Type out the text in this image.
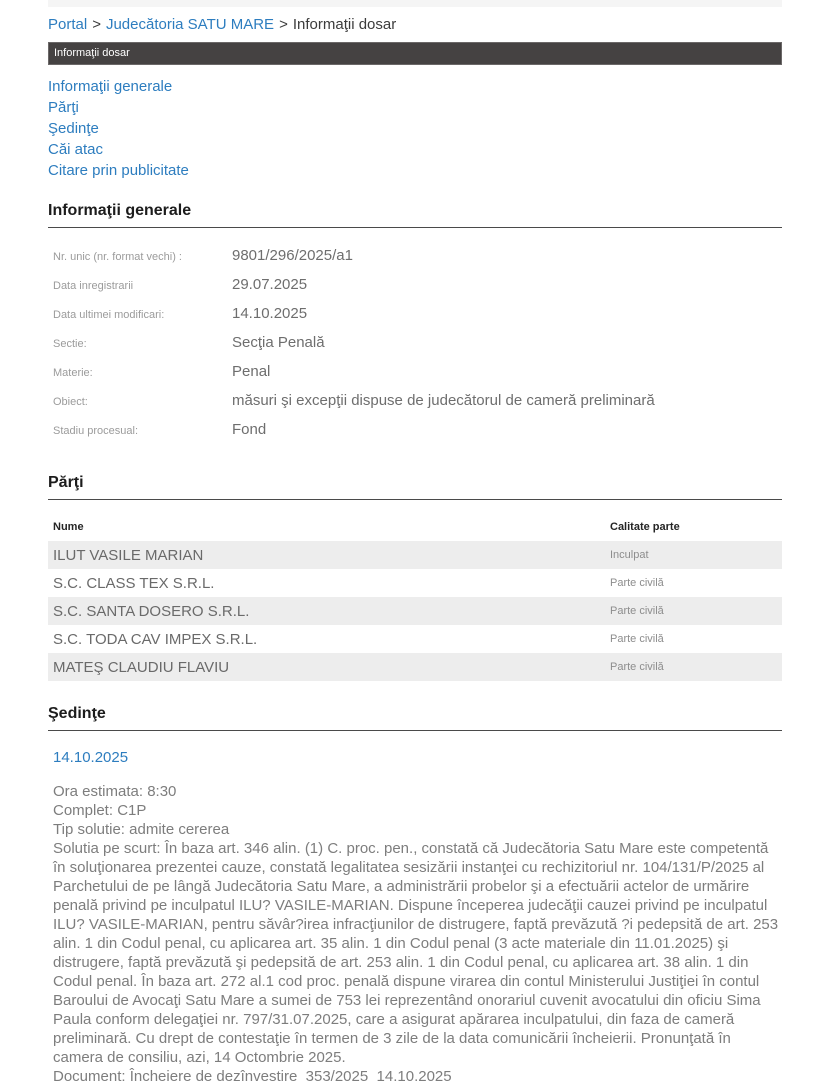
Portal > Judecătoria SATU MARE > Informaţii dosar
Informaţii dosar
Informaţii generale
Părţi
Şedinţe
Căi atac
Citare prin publicitate
Informaţii generale
Nr. unic (nr. format vechi) :	9801/296/2025/a1
Data inregistrarii	29.07.2025
Data ultimei modificari:	14.10.2025
Sectie:	Secţia Penală
Materie:	Penal
Obiect:	măsuri şi excepţii dispuse de judecătorul de cameră preliminară
Stadiu procesual:	Fond
Părţi
Nume	Calitate parte
ILUT VASILE MARIAN	Inculpat
S.C. CLASS TEX S.R.L.	Parte civilă
S.C. SANTA DOSERO S.R.L.	Parte civilă
S.C. TODA CAV IMPEX S.R.L.	Parte civilă
MATEŞ CLAUDIU FLAVIU	Parte civilă
Şedinţe
14.10.2025
Ora estimata: 8:30
Complet: C1P
Tip solutie: admite cererea
Solutia pe scurt: În baza art. 346 alin. (1) C. proc. pen., constată că Judecătoria Satu Mare este competentă în soluţionarea prezentei cauze, constată legalitatea sesizării instanţei cu rechizitoriul nr. 104/131/P/2025 al Parchetului de pe lângă Judecătoria Satu Mare, a administrării probelor şi a efectuării actelor de urmărire penală privind pe inculpatul ILU? VASILE-MARIAN. Dispune începerea judecăţii cauzei privind pe inculpatul ILU? VASILE-MARIAN, pentru săvâr?irea infracţiunilor de distrugere, faptă prevăzută ?i pedepsită de art. 253 alin. 1 din Codul penal, cu aplicarea art. 35 alin. 1 din Codul penal (3 acte materiale din 11.01.2025) şi distrugere, faptă prevăzută şi pedepsită de art. 253 alin. 1 din Codul penal, cu aplicarea art. 38 alin. 1 din Codul penal. În baza art. 272 al.1 cod proc. penală dispune virarea din contul Ministerului Justiţiei în contul Baroului de Avocaţi Satu Mare a sumei de 753 lei reprezentând onorariul cuvenit avocatului din oficiu Sima Paula conform delegaţiei nr. 797/31.07.2025, care a asigurat apărarea inculpatului, din faza de cameră preliminară. Cu drept de contestaţie în termen de 3 zile de la data comunicării încheierii. Pronunţată în camera de consiliu, azi, 14 Octombrie 2025.
Document: Încheiere de dezînvestire  353/2025  14.10.2025
